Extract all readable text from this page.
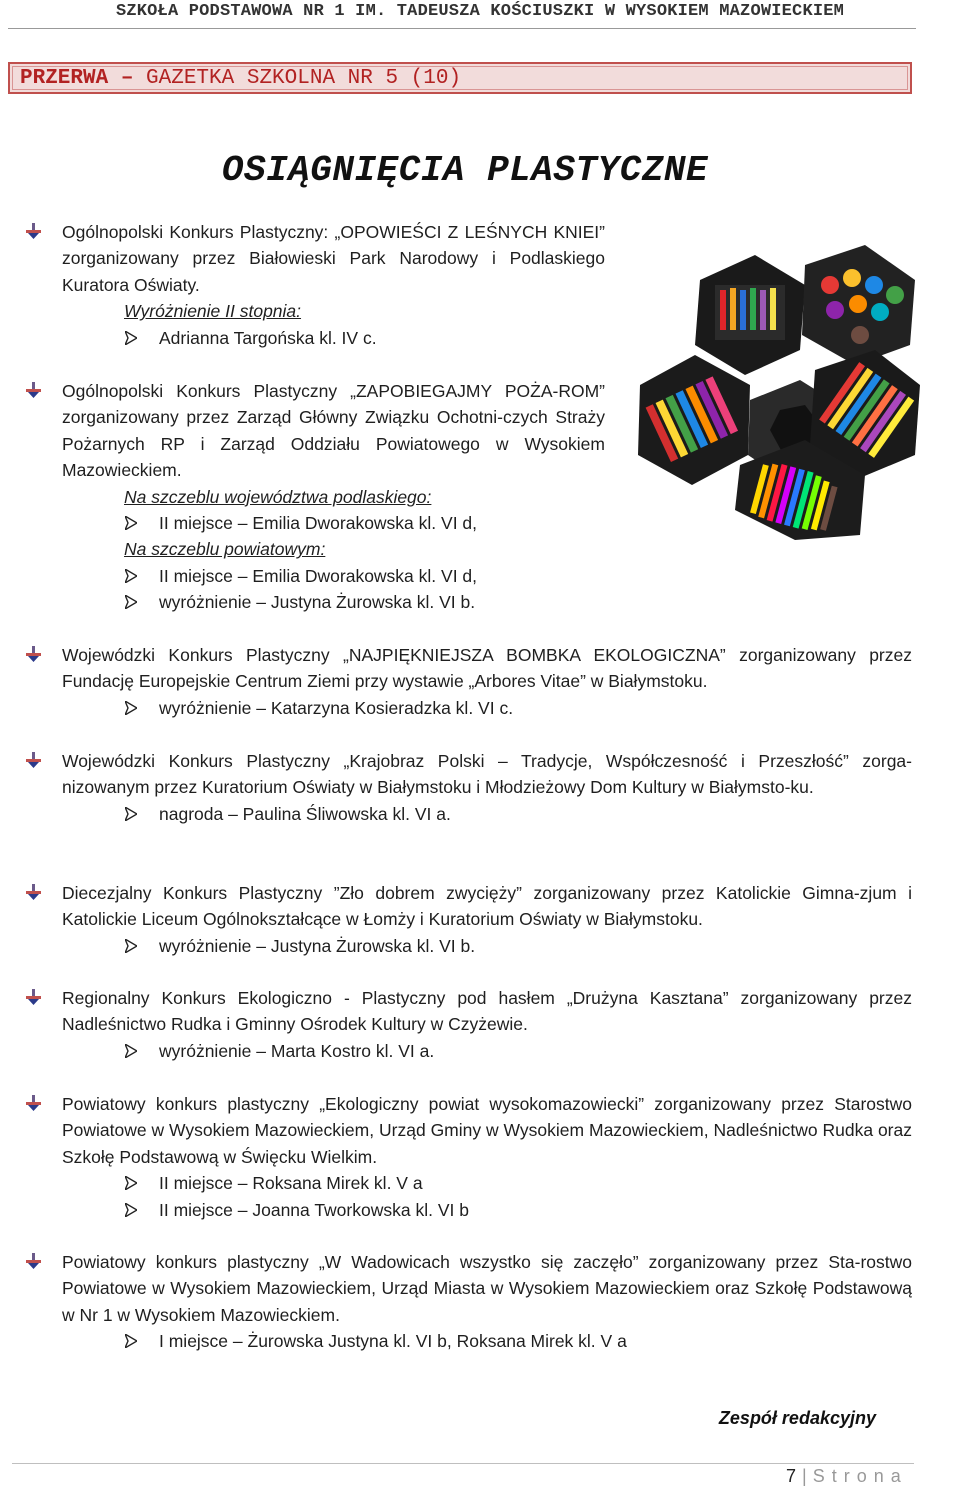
SZKOŁA PODSTAWOWA NR 1 IM. TADEUSZA KOŚCIUSZKI W WYSOKIEM MAZOWIECKIEM
PRZERWA – GAZETKA SZKOLNA NR 5 (10)
OSIĄGNIĘCIA PLASTYCZNE
Ogólnopolski Konkurs Plastyczny: „OPOWIEŚCI Z LEŚNYCH KNIEI” zorganizowany przez Białowieski Park Narodowy i Podlaskiego Kuratora Oświaty.
Wyróżnienie II stopnia:
Adrianna Targońska kl. IV c.
Ogólnopolski Konkurs Plastyczny „ZAPOBIEGAJMY POŻA-ROM” zorganizowany przez Zarząd Główny Związku Ochotni-czych Straży Pożarnych RP i Zarząd Oddziału Powiatowego w Wysokiem Mazowieckiem.
Na szczeblu województwa podlaskiego:
II miejsce – Emilia Dworakowska kl. VI d,
Na szczeblu powiatowym:
II miejsce – Emilia Dworakowska kl. VI d,
wyróżnienie – Justyna Żurowska kl. VI b.
Wojewódzki Konkurs Plastyczny „NAJPIĘKNIEJSZA BOMBKA EKOLOGICZNA” zorganizowany przez Fundację Europejskie Centrum Ziemi przy wystawie „Arbores Vitae” w Białymstoku.
wyróżnienie – Katarzyna Kosieradzka kl. VI c.
Wojewódzki Konkurs Plastyczny „Krajobraz Polski – Tradycje, Współczesność i Przeszłość” zorga-nizowanym przez Kuratorium Oświaty w Białymstoku i Młodzieżowy Dom Kultury w Białymsto-ku.
nagroda – Paulina Śliwowska kl. VI a.
Diecezjalny Konkurs Plastyczny ”Zło dobrem zwycięży” zorganizowany przez Katolickie Gimna-zjum i Katolickie Liceum Ogólnokształcące w Łomży i Kuratorium Oświaty w Białymstoku.
wyróżnienie – Justyna Żurowska kl. VI b.
Regionalny Konkurs Ekologiczno - Plastyczny pod hasłem „Drużyna Kasztana” zorganizowany przez Nadleśnictwo Rudka i Gminny Ośrodek Kultury w Czyżewie.
wyróżnienie – Marta Kostro kl. VI a.
Powiatowy konkurs plastyczny „Ekologiczny powiat wysokomazowiecki” zorganizowany przez Starostwo Powiatowe w Wysokiem Mazowieckiem, Urząd Gminy w Wysokiem Mazowieckiem, Nadleśnictwo Rudka oraz Szkołę Podstawową w Święcku Wielkim.
II miejsce – Roksana Mirek kl. V a
II miejsce – Joanna Tworkowska kl. VI b
Powiatowy konkurs plastyczny „W Wadowicach wszystko się zaczęło” zorganizowany przez Sta-rostwo Powiatowe w Wysokiem Mazowieckiem, Urząd Miasta w Wysokiem Mazowieckiem oraz Szkołę Podstawową w Nr 1 w Wysokiem Mazowieckiem.
I miejsce – Żurowska Justyna kl. VI b, Roksana Mirek kl. V a
Zespół redakcyjny
7 | Strona
